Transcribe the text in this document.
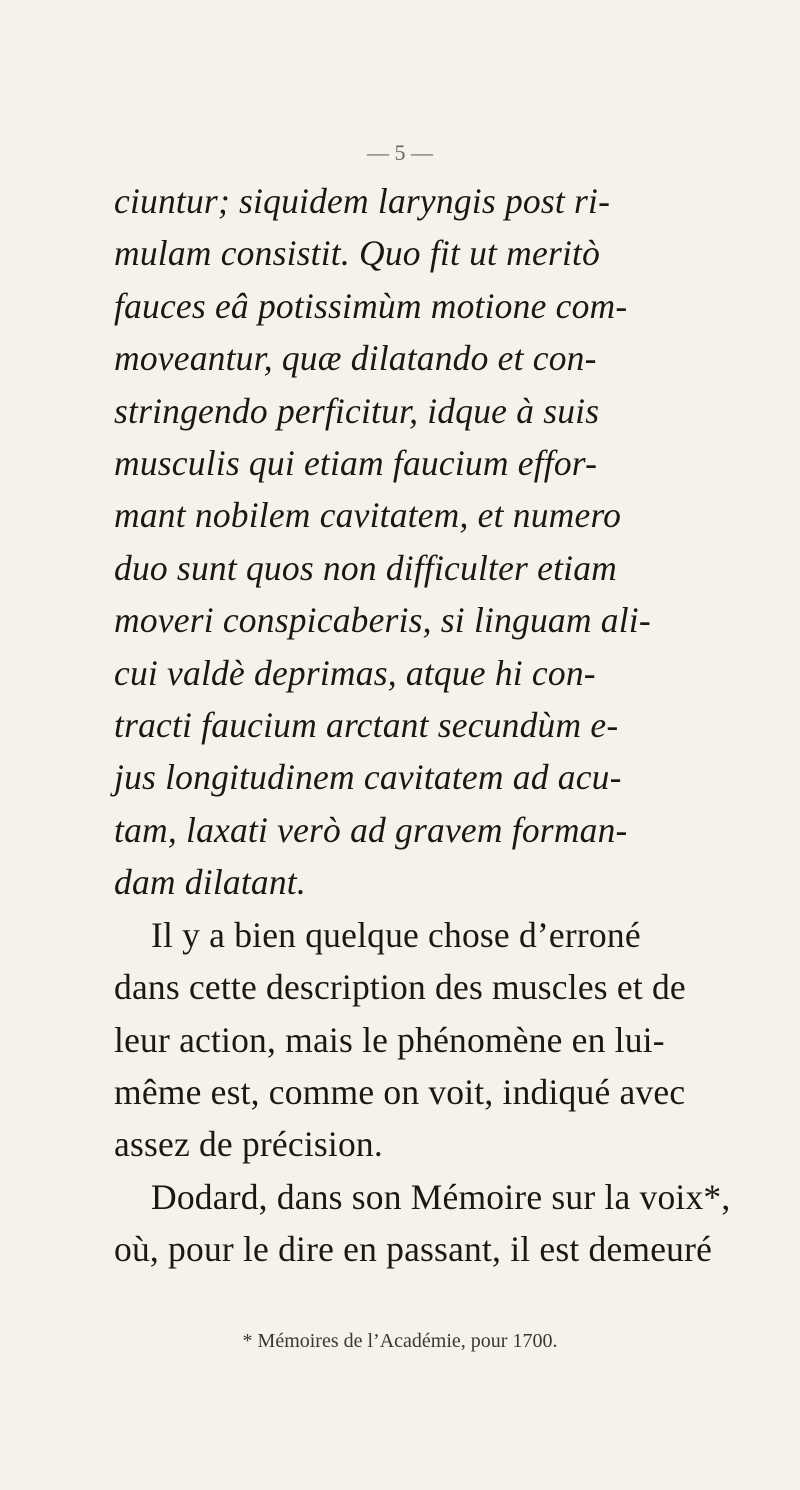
— 5 —
ciuntur; siquidem laryngis post ri-
mulam consistit. Quo fit ut meritò
fauces eâ potissimùm motione com-
moveantur, quæ dilatando et con-
stringendo perficitur, idque à suis
musculis qui etiam faucium effor-
mant nobilem cavitatem, et numero
duo sunt quos non difficulter etiam
moveri conspicaberis, si linguam ali-
cui valdè deprimas, atque hi con-
tracti faucium arctant secundùm e-
jus longitudinem cavitatem ad acu-
tam, laxati verò ad gravem forman-
dam dilatant.
Il y a bien quelque chose d’erroné
dans cette description des muscles et de
leur action, mais le phénomène en lui-
même est, comme on voit, indiqué avec
assez de précision.
Dodard, dans son Mémoire sur la voix*,
où, pour le dire en passant, il est demeuré
* Mémoires de l’Académie, pour 1700.
